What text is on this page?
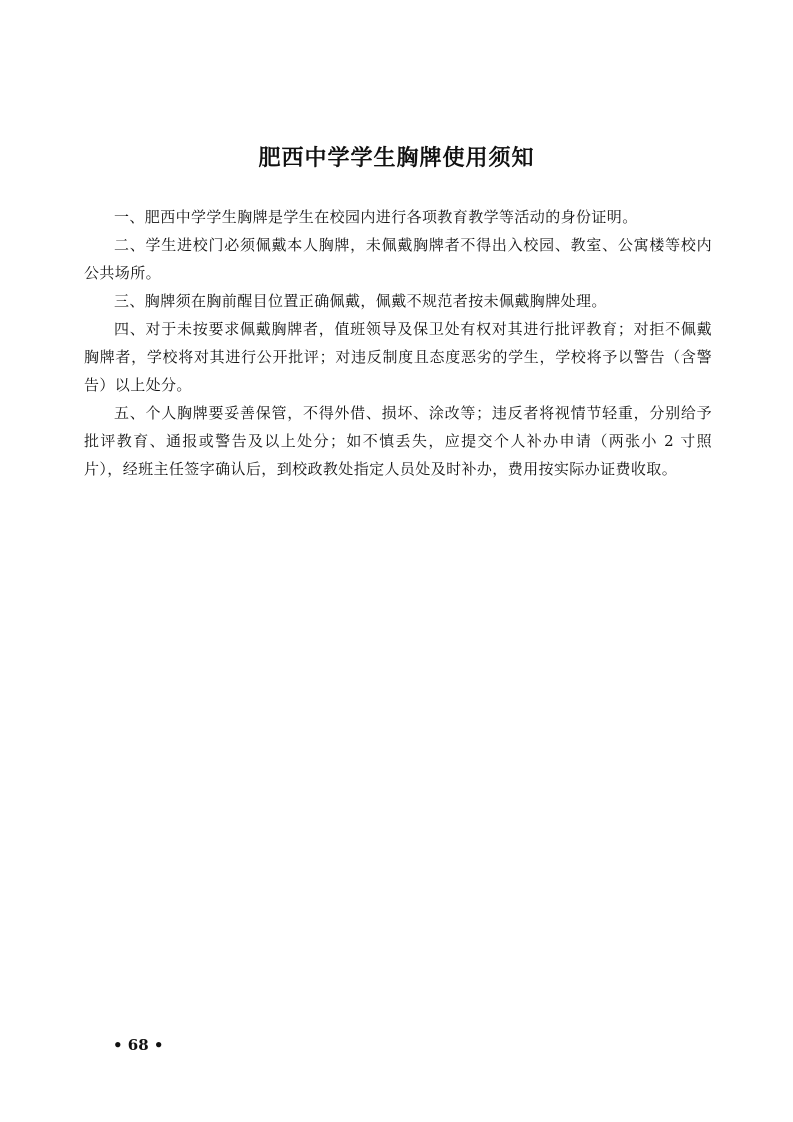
肥西中学学生胸牌使用须知

一、肥西中学学生胸牌是学生在校园内进行各项教育教学等活动的身份证明。

二、学生进校门必须佩戴本人胸牌，未佩戴胸牌者不得出入校园、教室、公寓楼等校内公共场所。

三、胸牌须在胸前醒目位置正确佩戴，佩戴不规范者按未佩戴胸牌处理。

四、对于未按要求佩戴胸牌者，值班领导及保卫处有权对其进行批评教育；对拒不佩戴胸牌者，学校将对其进行公开批评；对违反制度且态度恶劣的学生，学校将予以警告（含警告）以上处分。

五、个人胸牌要妥善保管，不得外借、损坏、涂改等；违反者将视情节轻重，分别给予批评教育、通报或警告及以上处分；如不慎丢失，应提交个人补办申请（两张小 2 寸照片），经班主任签字确认后，到校政教处指定人员处及时补办，费用按实际办证费收取。

• 68 •
